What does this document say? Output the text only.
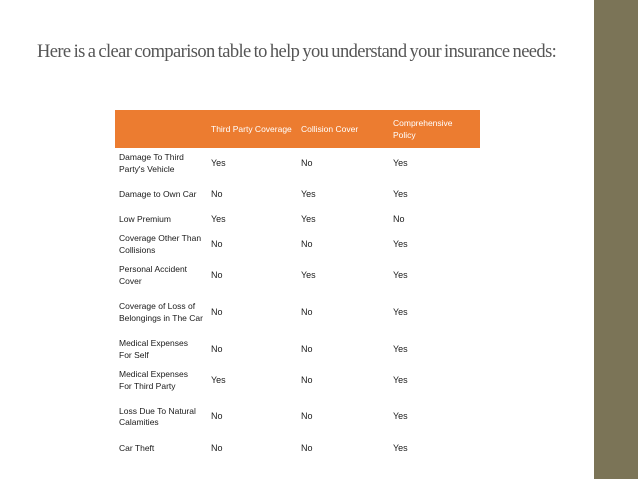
Here is a clear comparison table to help you understand your insurance needs:
	Third Party Coverage	Collision Cover	Comprehensive Policy
Damage To Third Party's Vehicle	Yes	No	Yes
Damage to Own Car	No	Yes	Yes
Low Premium	Yes	Yes	No
Coverage Other Than Collisions	No	No	Yes
Personal Accident Cover	No	Yes	Yes
Coverage of Loss of Belongings in The Car	No	No	Yes
Medical Expenses For Self	No	No	Yes
Medical Expenses For Third Party	Yes	No	Yes
Loss Due To Natural Calamities	No	No	Yes
Car Theft	No	No	Yes
